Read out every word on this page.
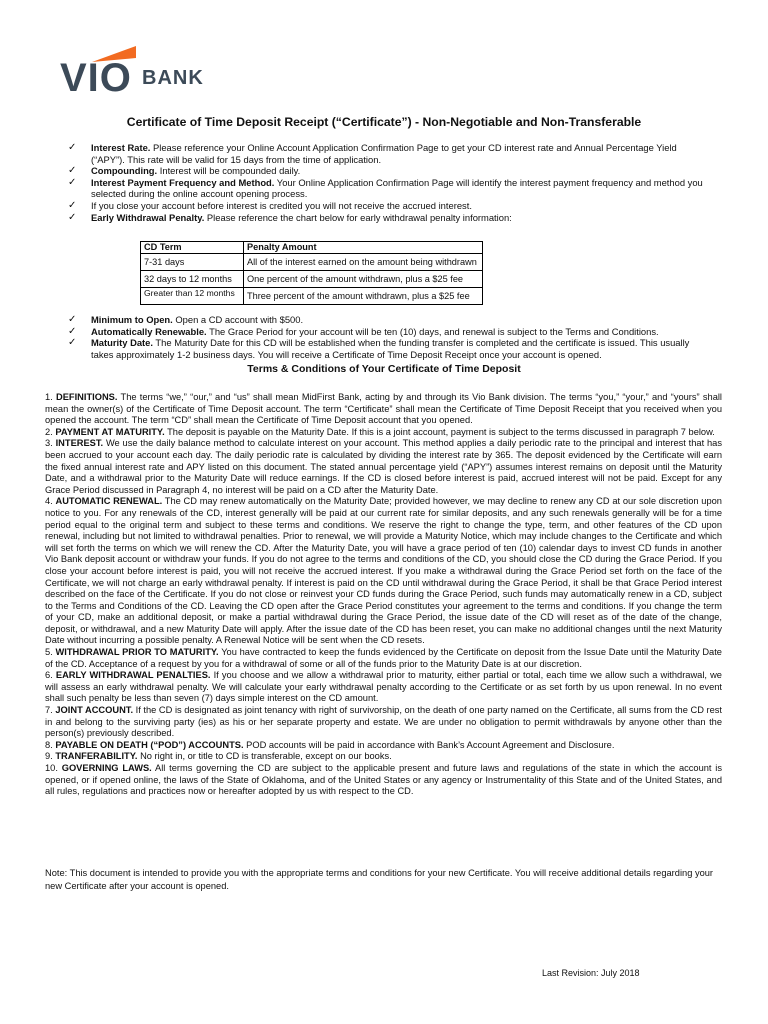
VIO BANK
Certificate of Time Deposit Receipt (“Certificate”) - Non-Negotiable and Non-Transferable
✓	Interest Rate. Please reference your Online Account Application Confirmation Page to get your CD interest rate and Annual Percentage Yield (“APY”). This rate will be valid for 15 days from the time of application.
✓	Compounding. Interest will be compounded daily.
✓	Interest Payment Frequency and Method. Your Online Application Confirmation Page will identify the interest payment frequency and method you selected during the online account opening process.
✓	If you close your account before interest is credited you will not receive the accrued interest.
✓	Early Withdrawal Penalty. Please reference the chart below for early withdrawal penalty information:
CD Term	Penalty Amount
7-31 days	All of the interest earned on the amount being withdrawn
32 days to 12 months	One percent of the amount withdrawn, plus a $25 fee
Greater than 12 months	Three percent of the amount withdrawn, plus a $25 fee
✓	Minimum to Open. Open a CD account with $500.
✓	Automatically Renewable. The Grace Period for your account will be ten (10) days, and renewal is subject to the Terms and Conditions.
✓	Maturity Date. The Maturity Date for this CD will be established when the funding transfer is completed and the certificate is issued. This usually takes approximately 1-2 business days. You will receive a Certificate of Time Deposit Receipt once your account is opened.
Terms & Conditions of Your Certificate of Time Deposit

1. DEFINITIONS. The terms “we,” “our,” and “us” shall mean MidFirst Bank, acting by and through its Vio Bank division. The terms “you,” “your,” and “yours” shall mean the owner(s) of the Certificate of Time Deposit account. The term “Certificate” shall mean the Certificate of Time Deposit Receipt that you received when you opened the account. The term “CD” shall mean the Certificate of Time Deposit account that you opened.

2. PAYMENT AT MATURITY. The deposit is payable on the Maturity Date. If this is a joint account, payment is subject to the terms discussed in paragraph 7 below.

3. INTEREST. We use the daily balance method to calculate interest on your account. This method applies a daily periodic rate to the principal and interest that has been accrued to your account each day. The daily periodic rate is calculated by dividing the interest rate by 365. The deposit evidenced by the Certificate will earn the fixed annual interest rate and APY listed on this document. The stated annual percentage yield (“APY”) assumes interest remains on deposit until the Maturity Date, and a withdrawal prior to the Maturity Date will reduce earnings. If the CD is closed before interest is paid, accrued interest will not be paid. Except for any Grace Period discussed in Paragraph 4, no interest will be paid on a CD after the Maturity Date.

4. AUTOMATIC RENEWAL. The CD may renew automatically on the Maturity Date; provided however, we may decline to renew any CD at our sole discretion upon notice to you. For any renewals of the CD, interest generally will be paid at our current rate for similar deposits, and any such renewals generally will be for a time period equal to the original term and subject to these terms and conditions. We reserve the right to change the type, term, and other features of the CD upon renewal, including but not limited to withdrawal penalties. Prior to renewal, we will provide a Maturity Notice, which may include changes to the Certificate and which will set forth the terms on which we will renew the CD. After the Maturity Date, you will have a grace period of ten (10) calendar days to invest CD funds in another Vio Bank deposit account or withdraw your funds. If you do not agree to the terms and conditions of the CD, you should close the CD during the Grace Period. If you close your account before interest is paid, you will not receive the accrued interest. If you make a withdrawal during the Grace Period set forth on the face of the Certificate, we will not charge an early withdrawal penalty. If interest is paid on the CD until withdrawal during the Grace Period, it shall be that Grace Period interest described on the face of the Certificate. If you do not close or reinvest your CD funds during the Grace Period, such funds may automatically renew in a CD, subject to the Terms and Conditions of the CD. Leaving the CD open after the Grace Period constitutes your agreement to the terms and conditions. If you change the term of your CD, make an additional deposit, or make a partial withdrawal during the Grace Period, the issue date of the CD will reset as of the date of the change, deposit, or withdrawal, and a new Maturity Date will apply. After the issue date of the CD has been reset, you can make no additional changes until the next Maturity Date without incurring a possible penalty. A Renewal Notice will be sent when the CD resets.

5. WITHDRAWAL PRIOR TO MATURITY. You have contracted to keep the funds evidenced by the Certificate on deposit from the Issue Date until the Maturity Date of the CD. Acceptance of a request by you for a withdrawal of some or all of the funds prior to the Maturity Date is at our discretion.

6. EARLY WITHDRAWAL PENALTIES. If you choose and we allow a withdrawal prior to maturity, either partial or total, each time we allow such a withdrawal, we will assess an early withdrawal penalty. We will calculate your early withdrawal penalty according to the Certificate or as set forth by us upon renewal. In no event shall such penalty be less than seven (7) days simple interest on the CD amount.

7. JOINT ACCOUNT. If the CD is designated as joint tenancy with right of survivorship, on the death of one party named on the Certificate, all sums from the CD rest in and belong to the surviving party (ies) as his or her separate property and estate. We are under no obligation to permit withdrawals by anyone other than the person(s) previously described.

8. PAYABLE ON DEATH (“POD”) ACCOUNTS. POD accounts will be paid in accordance with Bank’s Account Agreement and Disclosure.

9. TRANFERABILITY. No right in, or title to CD is transferable, except on our books.

10. GOVERNING LAWS. All terms governing the CD are subject to the applicable present and future laws and regulations of the state in which the account is opened, or if opened online, the laws of the State of Oklahoma, and of the United States or any agency or Instrumentality of this State and of the United States, and all rules, regulations and practices now or hereafter adopted by us with respect to the CD.

Note: This document is intended to provide you with the appropriate terms and conditions for your new Certificate. You will receive additional details regarding your new Certificate after your account is opened.

Last Revision: July 2018
